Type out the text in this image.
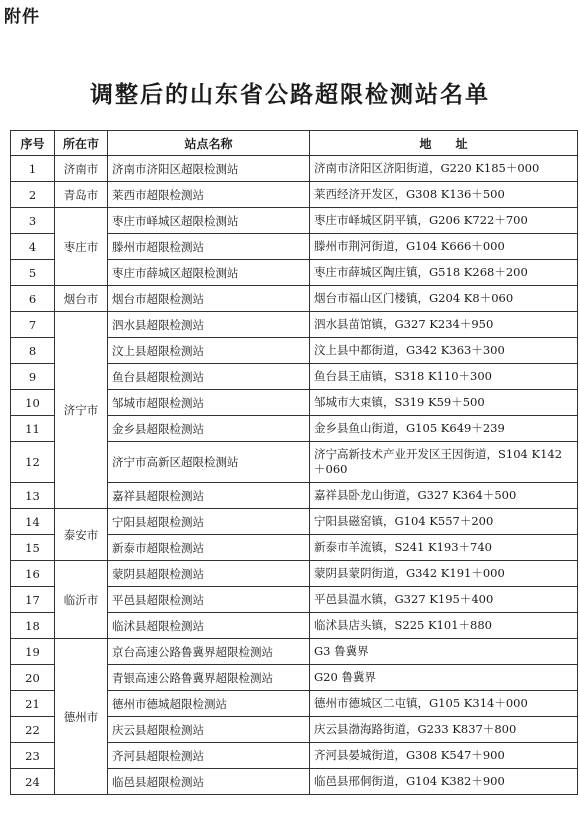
附件
调整后的山东省公路超限检测站名单
序号	所在市	站点名称	地　　址
1	济南市	济南市济阳区超限检测站	济南市济阳区济阳街道，G220 K185＋000
2	青岛市	莱西市超限检测站	莱西经济开发区，G308 K136＋500
3	枣庄市	枣庄市峄城区超限检测站	枣庄市峄城区阴平镇，G206 K722＋700
4		滕州市超限检测站	滕州市荆河街道，G104 K666＋000
5		枣庄市薛城区超限检测站	枣庄市薛城区陶庄镇，G518 K268＋200
6	烟台市	烟台市超限检测站	烟台市福山区门楼镇，G204 K8＋060
7	济宁市	泗水县超限检测站	泗水县苗馆镇，G327 K234＋950
8		汶上县超限检测站	汶上县中都街道，G342 K363＋300
9		鱼台县超限检测站	鱼台县王庙镇，S318 K110＋300
10		邹城市超限检测站	邹城市大束镇，S319 K59＋500
11		金乡县超限检测站	金乡县鱼山街道，G105 K649＋239
12		济宁市高新区超限检测站	济宁高新技术产业开发区王因街道，S104 K142＋060
13		嘉祥县超限检测站	嘉祥县卧龙山街道，G327 K364＋500
14	泰安市	宁阳县超限检测站	宁阳县磁窑镇，G104 K557＋200
15		新泰市超限检测站	新泰市羊流镇，S241 K193＋740
16	临沂市	蒙阴县超限检测站	蒙阴县蒙阴街道，G342 K191＋000
17		平邑县超限检测站	平邑县温水镇，G327 K195＋400
18		临沭县超限检测站	临沭县店头镇，S225 K101＋880
19	德州市	京台高速公路鲁冀界超限检测站	G3 鲁冀界
20		青银高速公路鲁冀界超限检测站	G20 鲁冀界
21		德州市德城超限检测站	德州市德城区二屯镇，G105 K314＋000
22		庆云县超限检测站	庆云县渤海路街道，G233 K837＋800
23		齐河县超限检测站	齐河县晏城街道，G308 K547＋900
24		临邑县超限检测站	临邑县邢侗街道，G104 K382＋900
